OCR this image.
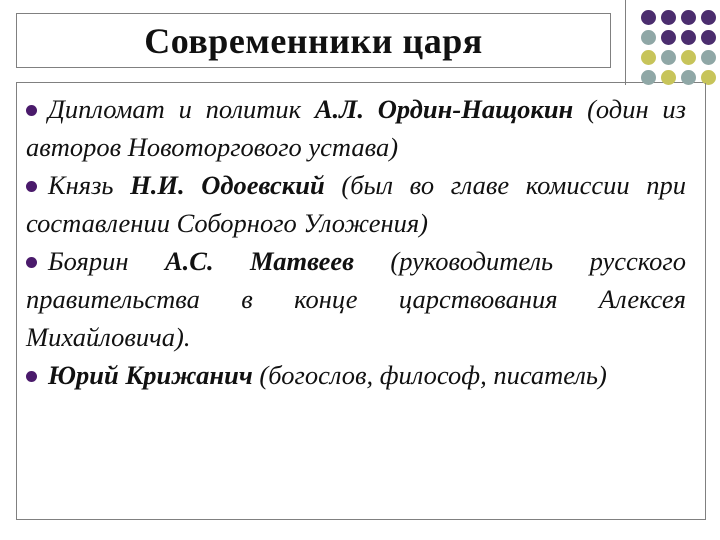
Современники царя

Дипломат и политик А.Л. Ордин-Нащокин (один из авторов Новоторгового устава)

Князь Н.И. Одоевский (был во главе комиссии при составлении Соборного Уложения)

Боярин А.С. Матвеев (руководитель русского правительства в конце царствования Алексея Михайловича).

Юрий Крижанич (богослов, философ, писатель)
